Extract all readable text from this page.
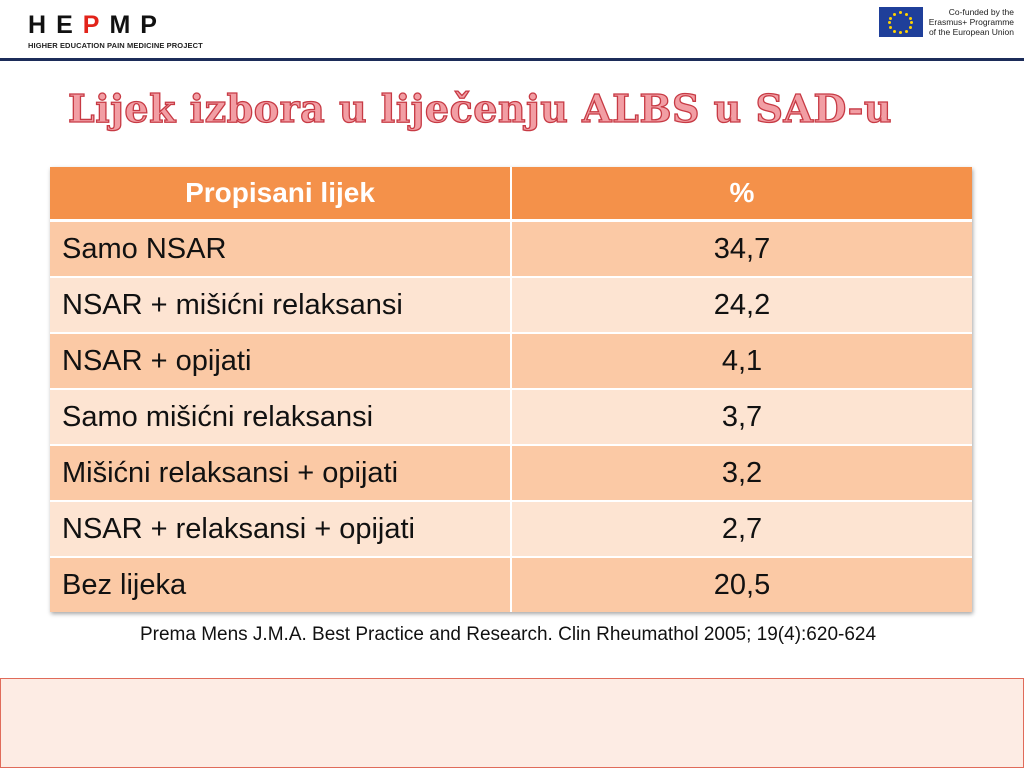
H E P M P
HIGHER EDUCATION PAIN MEDICINE PROJECT
Co-funded by the
Erasmus+ Programme
of the European Union
Lijek izbora u liječenju ALBS u SAD-u
Propisani lijek	%
Samo NSAR	34,7
NSAR + mišićni relaksansi	24,2
NSAR + opijati	4,1
Samo mišićni relaksansi	3,7
Mišićni relaksansi + opijati	3,2
NSAR + relaksansi + opijati	2,7
Bez lijeka	20,5
Prema Mens J.M.A. Best Practice and Research. Clin Rheumathol 2005; 19(4):620-624
